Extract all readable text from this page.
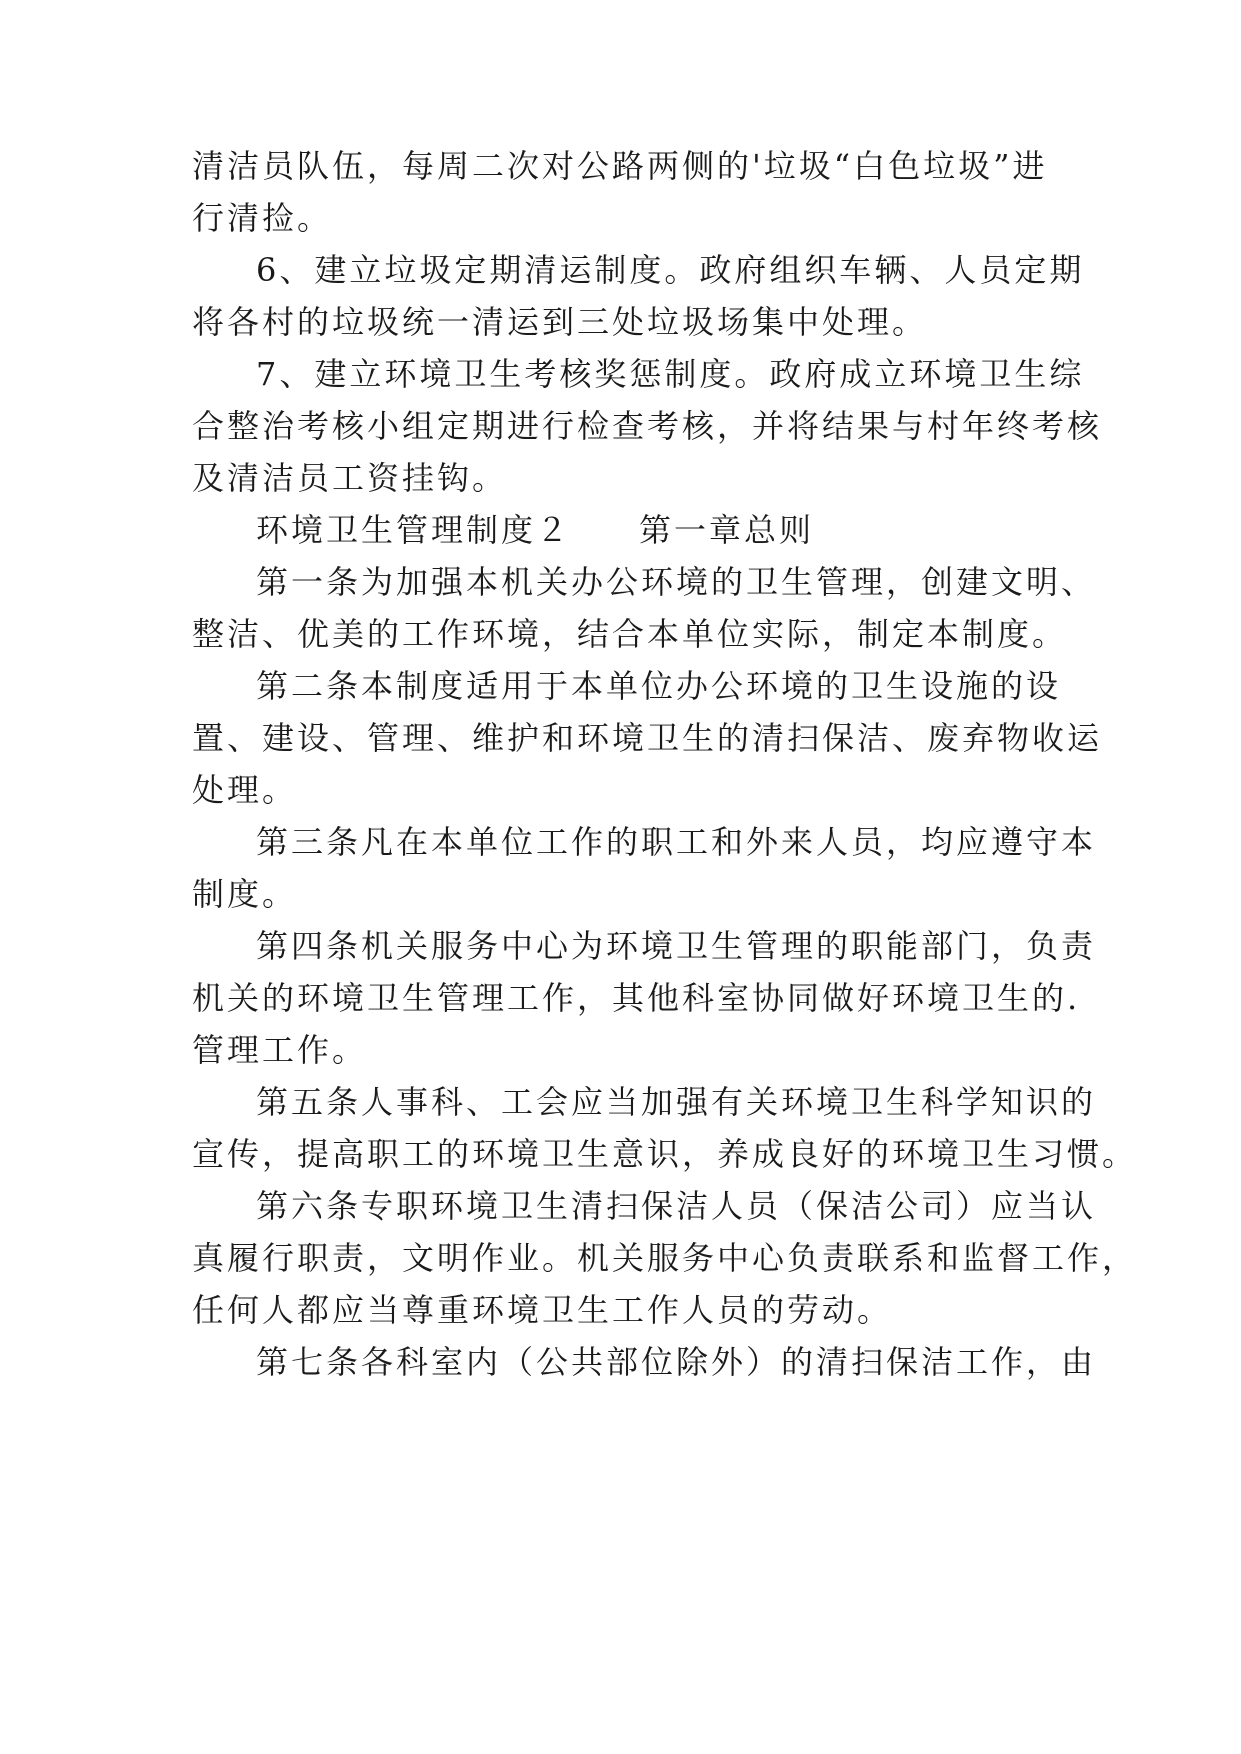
清洁员队伍，每周二次对公路两侧的'垃圾“白色垃圾”进
行清捡。
6、建立垃圾定期清运制度。政府组织车辆、人员定期
将各村的垃圾统一清运到三处垃圾场集中处理。
7、建立环境卫生考核奖惩制度。政府成立环境卫生综
合整治考核小组定期进行检查考核，并将结果与村年终考核
及清洁员工资挂钩。
环境卫生管理制度２ 第一章总则
第一条为加强本机关办公环境的卫生管理，创建文明、
整洁、优美的工作环境，结合本单位实际，制定本制度。
第二条本制度适用于本单位办公环境的卫生设施的设
置、建设、管理、维护和环境卫生的清扫保洁、废弃物收运
处理。
第三条凡在本单位工作的职工和外来人员，均应遵守本
制度。
第四条机关服务中心为环境卫生管理的职能部门，负责
机关的环境卫生管理工作，其他科室协同做好环境卫生的.
管理工作。
第五条人事科、工会应当加强有关环境卫生科学知识的
宣传，提高职工的环境卫生意识，养成良好的环境卫生习惯。
第六条专职环境卫生清扫保洁人员（保洁公司）应当认
真履行职责，文明作业。机关服务中心负责联系和监督工作，
任何人都应当尊重环境卫生工作人员的劳动。
第七条各科室内（公共部位除外）的清扫保洁工作，由
